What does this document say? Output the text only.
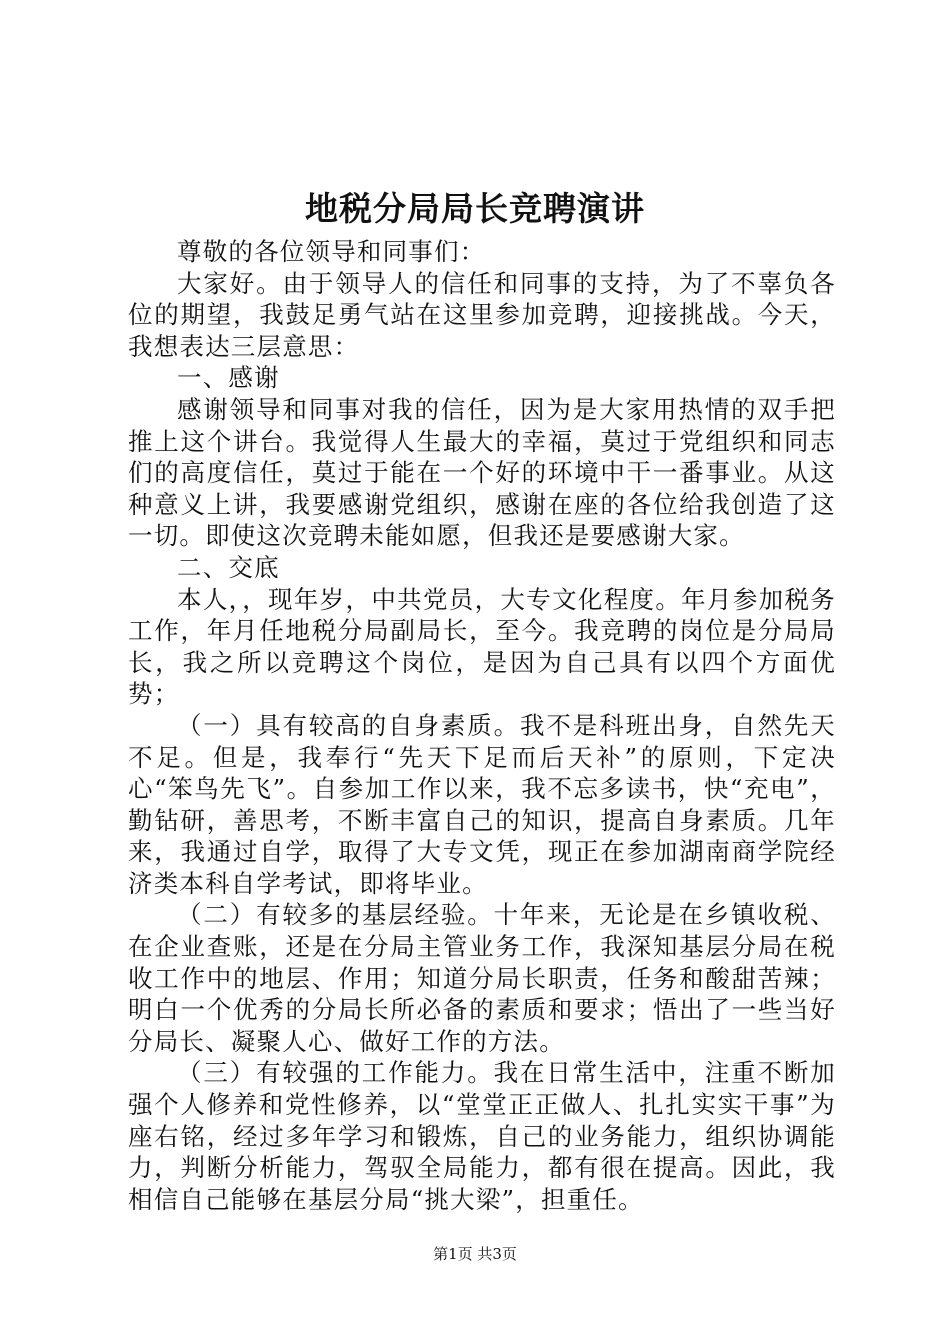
地税分局局长竞聘演讲

尊敬的各位领导和同事们：

大家好。由于领导人的信任和同事的支持，为了不辜负各位的期望，我鼓足勇气站在这里参加竞聘，迎接挑战。今天，我想表达三层意思：

一、感谢

感谢领导和同事对我的信任，因为是大家用热情的双手把推上这个讲台。我觉得人生最大的幸福，莫过于党组织和同志们的高度信任，莫过于能在一个好的环境中干一番事业。从这种意义上讲，我要感谢党组织，感谢在座的各位给我创造了这一切。即使这次竞聘未能如愿，但我还是要感谢大家。

二、交底

本人，，现年岁，中共党员，大专文化程度。年月参加税务工作，年月任地税分局副局长，至今。我竞聘的岗位是分局局长，我之所以竞聘这个岗位，是因为自己具有以四个方面优势；

（一）具有较高的自身素质。我不是科班出身，自然先天不足。但是，我奉行“先天下足而后天补”的原则，下定决心“笨鸟先飞”。自参加工作以来，我不忘多读书，快“充电”，勤钻研，善思考，不断丰富自己的知识，提高自身素质。几年来，我通过自学，取得了大专文凭，现正在参加湖南商学院经济类本科自学考试，即将毕业。

（二）有较多的基层经验。十年来，无论是在乡镇收税、在企业查账，还是在分局主管业务工作，我深知基层分局在税收工作中的地层、作用；知道分局长职责，任务和酸甜苦辣；明白一个优秀的分局长所必备的素质和要求；悟出了一些当好分局长、凝聚人心、做好工作的方法。

（三）有较强的工作能力。我在日常生活中，注重不断加强个人修养和党性修养，以“堂堂正正做人、扎扎实实干事”为座右铭，经过多年学习和锻炼，自己的业务能力，组织协调能力，判断分析能力，驾驭全局能力，都有很在提高。因此，我相信自己能够在基层分局“挑大梁”，担重任。

第1页 共3页
